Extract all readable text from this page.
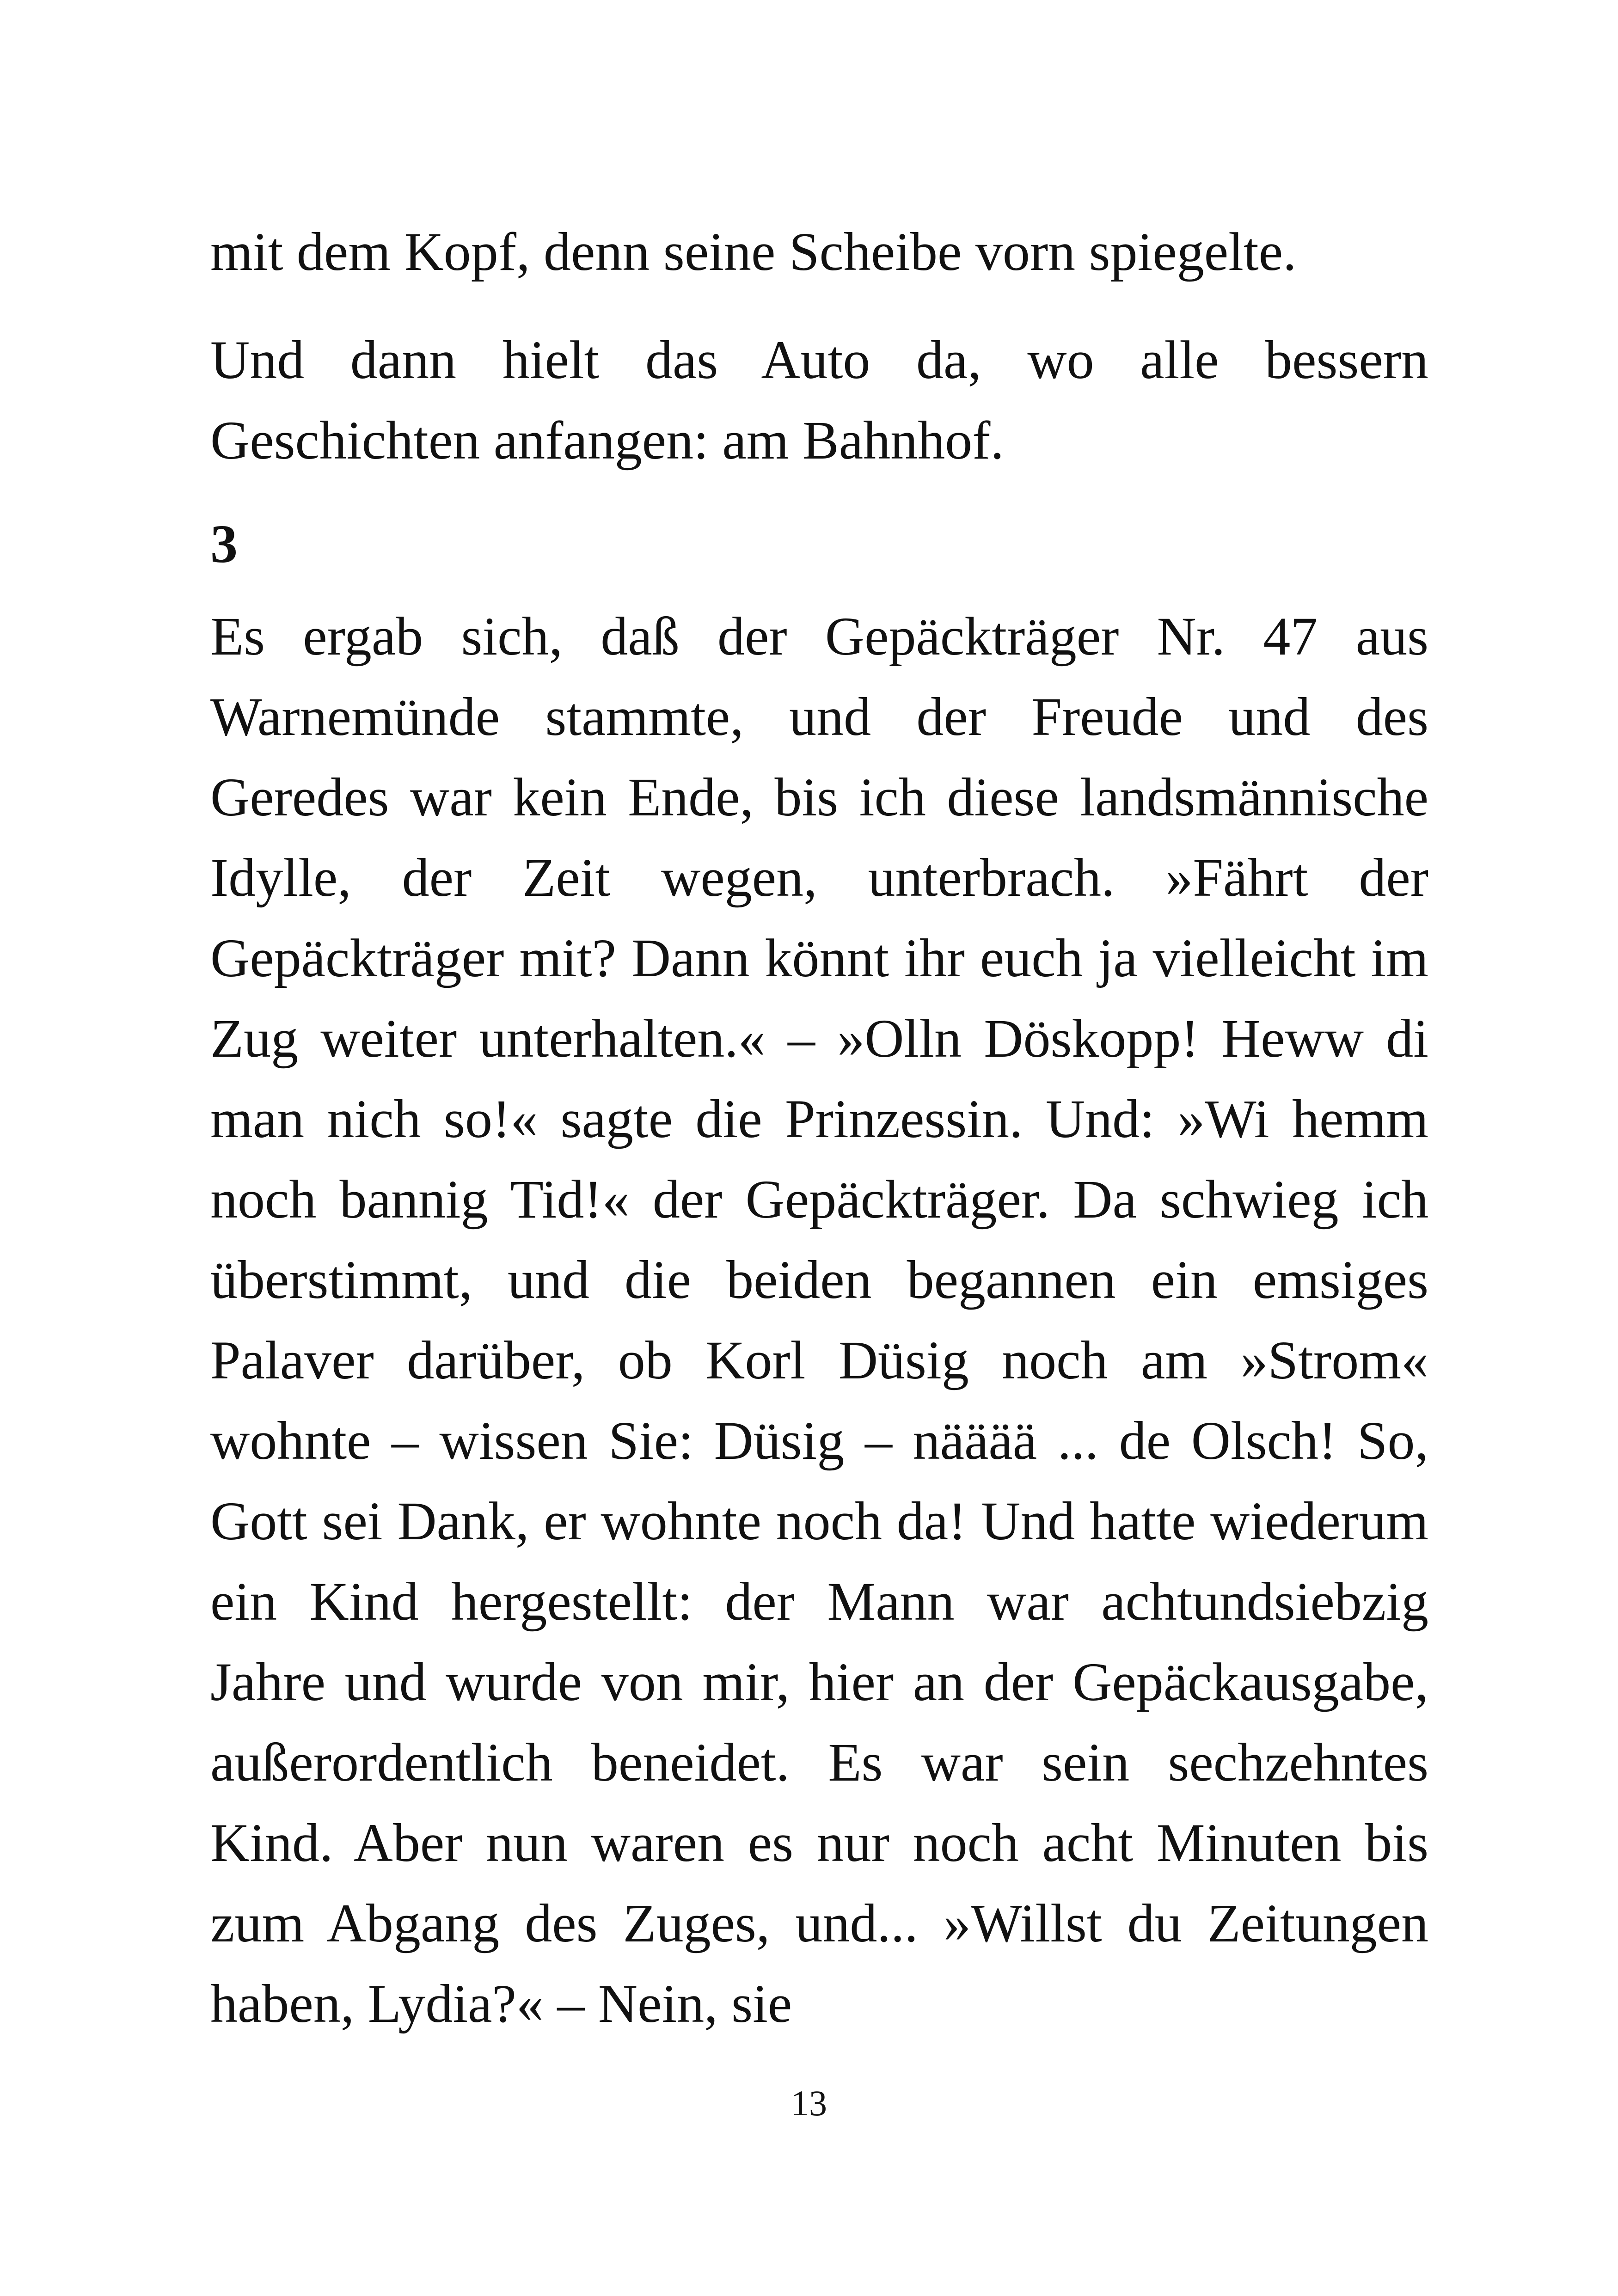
mit dem Kopf, denn seine Scheibe vorn spiegelte.

Und dann hielt das Auto da, wo alle bessern Geschichten anfangen: am Bahnhof.

3

Es ergab sich, daß der Gepäckträger Nr. 47 aus Warnemünde stammte, und der Freude und des Geredes war kein Ende, bis ich diese landsmännische Idylle, der Zeit wegen, unterbrach. »Fährt der Gepäckträger mit? Dann könnt ihr euch ja vielleicht im Zug weiter unterhalten.« – »Olln Döskopp! Heww di man nich so!« sagte die Prinzessin. Und: »Wi hemm noch bannig Tid!« der Gepäckträger. Da schwieg ich überstimmt, und die beiden begannen ein emsiges Palaver darüber, ob Korl Düsig noch am »Strom« wohnte – wissen Sie: Düsig – nääää ... de Olsch! So, Gott sei Dank, er wohnte noch da! Und hatte wiederum ein Kind hergestellt: der Mann war achtundsiebzig Jahre und wurde von mir, hier an der Gepäckausgabe, außerordentlich beneidet. Es war sein sechzehntes Kind. Aber nun waren es nur noch acht Minuten bis zum Abgang des Zuges, und... »Willst du Zeitungen haben, Lydia?« – Nein, sie

13
